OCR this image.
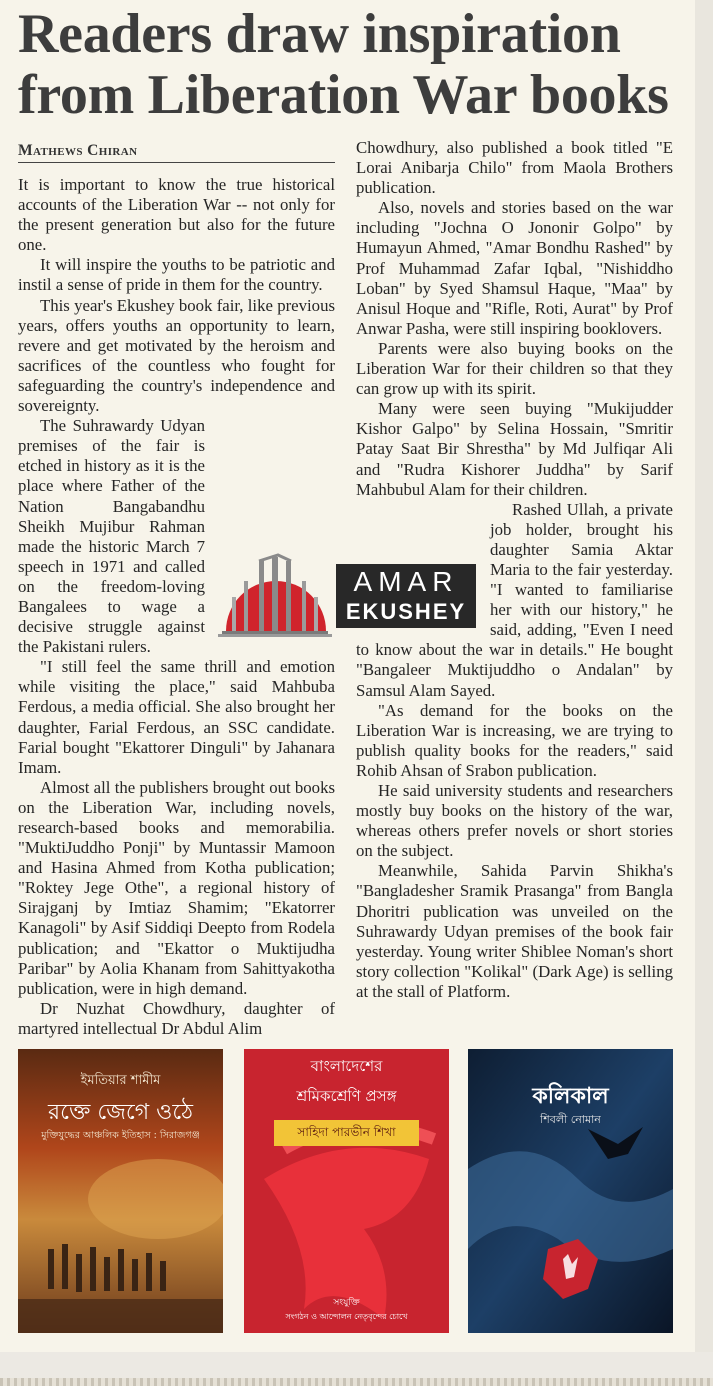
Readers draw inspiration from Liberation War books
Mathews Chiran

It is important to know the true historical accounts of the Liberation War -- not only for the present generation but also for the future one.

It will inspire the youths to be patriotic and instil a sense of pride in them for the country.

This year's Ekushey book fair, like previous years, offers youths an opportunity to learn, revere and get motivated by the heroism and sacrifices of the countless who fought for safeguarding the country's independence and sovereignty.

The Suhrawardy Udyan premises of the fair is etched in history as it is the place where Father of the Nation Bangabandhu Sheikh Mujibur Rahman made the historic March 7 speech in 1971 and called on the freedom-loving Bangalees to wage a decisive struggle against the Pakistani rulers.

"I still feel the same thrill and emotion while visiting the place," said Mahbuba Ferdous, a media official. She also brought her daughter, Farial Ferdous, an SSC candidate. Farial bought "Ekattorer Dinguli" by Jahanara Imam.

Almost all the publishers brought out books on the Liberation War, including novels, research-based books and memorabilia. "MuktiJuddho Ponji" by Muntassir Mamoon and Hasina Ahmed from Kotha publication; "Roktey Jege Othe", a regional history of Sirajganj by Imtiaz Shamim; "Ekatorrer Kanagoli" by Asif Siddiqi Deepto from Rodela publication; and "Ekattor o Muktijudha Paribar" by Aolia Khanam from Sahittyakotha publication, were in high demand.

Dr Nuzhat Chowdhury, daughter of martyred intellectual Dr Abdul Alim

Chowdhury, also published a book titled "E Lorai Anibarja Chilo" from Maola Brothers publication.

Also, novels and stories based on the war including "Jochna O Jononir Golpo" by Humayun Ahmed, "Amar Bondhu Rashed" by Prof Muhammad Zafar Iqbal, "Nishiddho Loban" by Syed Shamsul Haque, "Maa" by Anisul Hoque and "Rifle, Roti, Aurat" by Prof Anwar Pasha, were still inspiring booklovers.

Parents were also buying books on the Liberation War for their children so that they can grow up with its spirit.

Many were seen buying "Mukijudder Kishor Galpo" by Selina Hossain, "Smritir Patay Saat Bir Shrestha" by Md Julfiqar Ali and "Rudra Kishorer Juddha" by Sarif Mahbubul Alam for their children.

Rashed Ullah, a private job holder, brought his daughter Samia Aktar Maria to the fair yesterday. "I wanted to familiarise her with our history," he said, adding, "Even I need to know about the war in details." He bought "Bangaleer Muktijuddho o Andalan" by Samsul Alam Sayed.

"As demand for the books on the Liberation War is increasing, we are trying to publish quality books for the readers," said Rohib Ahsan of Srabon publication.

He said university students and researchers mostly buy books on the history of the war, whereas others prefer novels or short stories on the subject.

Meanwhile, Sahida Parvin Shikha's "Bangladesher Sramik Prasanga" from Bangla Dhoritri publication was unveiled on the Suhrawardy Udyan premises of the book fair yesterday. Young writer Shiblee Noman's short story collection "Kolikal" (Dark Age) is selling at the stall of Platform.

AMAR
EKUSHEY
ইমতিয়ার শামীম
রক্তে জেগে ওঠে
মুক্তিযুদ্ধের আঞ্চলিক ইতিহাস : সিরাজগঞ্জ
বাংলাদেশের
শ্রমিকশ্রেণি প্রসঙ্গ
সাহিদা পারভীন শিখা
সংযুক্তি
সংগঠন ও আন্দোলন নেতৃবৃন্দের চোখে
কলিকাল
শিবলী নোমান
